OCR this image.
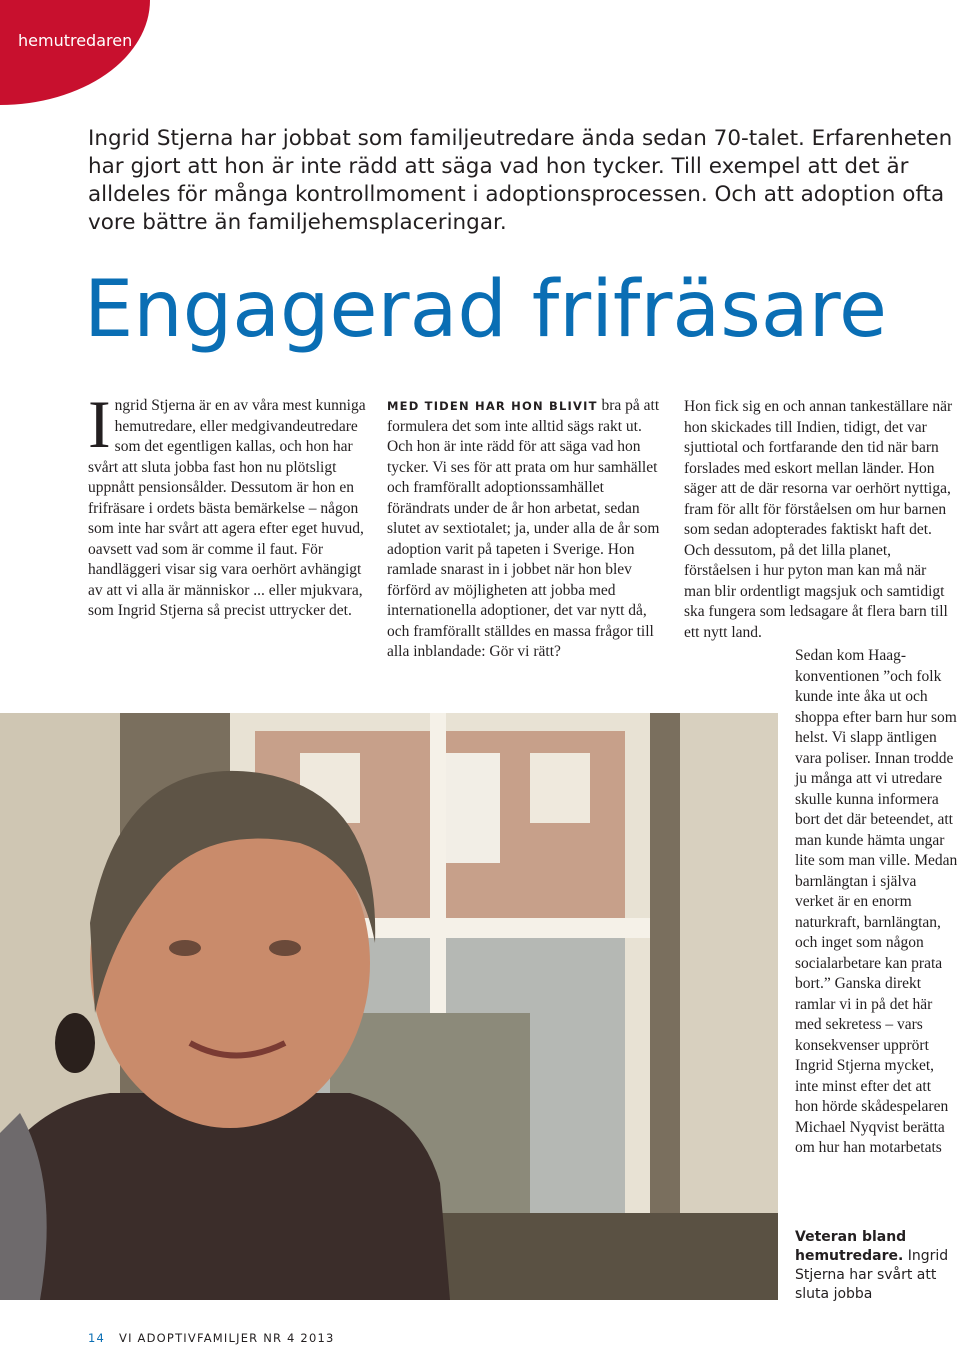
hemutredaren

Ingrid Stjerna har jobbat som familjeutredare ända sedan 70-talet. Erfarenheten har gjort att hon är inte rädd att säga vad hon tycker. Till exempel att det är alldeles för många kontrollmoment i adoptionsprocessen. Och att adoption ofta vore bättre än familjehemsplaceringar.

Engagerad frifräsare

Ingrid Stjerna är en av våra mest kunniga hemutredare, eller medgivandeutredare som det egentligen kallas, och hon har svårt att sluta jobba fast hon nu plötsligt uppnått pensionsålder. Dessutom är hon en frifräsare i ordets bästa bemärkelse – någon som inte har svårt att agera efter eget huvud, oavsett vad som är comme il faut. För handläggeri visar sig vara oerhört avhängigt av att vi alla är människor ... eller mjukvara, som Ingrid Stjerna så precist uttrycker det.

MED TIDEN HAR HON BLIVIT bra på att formulera det som inte alltid sägs rakt ut. Och hon är inte rädd för att säga vad hon tycker. Vi ses för att prata om hur samhället och framförallt adoptionssamhället förändrats under de år hon arbetat, sedan slutet av sextiotalet; ja, under alla de år som adoption varit på tapeten i Sverige. Hon ramlade snarast in i jobbet när hon blev förförd av möjligheten att jobba med internationella adoptioner, det var nytt då, och framförallt ställdes en massa frågor till alla inblandade: Gör vi rätt?

Hon fick sig en och annan tankeställare när hon skickades till Indien, tidigt, det var sjuttiotal och fortfarande den tid när barn forslades med eskort mellan länder. Hon säger att de där resorna var oerhört nyttiga, fram för allt för förståelsen om hur barnen som sedan adopterades faktiskt haft det. Och dessutom, på det lilla planet, förståelsen i hur pyton man kan må när man blir ordentligt magsjuk och samtidigt ska fungera som ledsagare åt flera barn till ett nytt land.

Sedan kom Haag-konventionen ”och folk kunde inte åka ut och shoppa efter barn hur som helst. Vi slapp äntligen vara poliser. Innan trodde ju många att vi utredare skulle kunna informera bort det där beteendet, att man kunde hämta ungar lite som man ville. Medan barnlängtan i själva verket är en enorm naturkraft, barnlängtan, och inget som någon socialarbetare kan prata bort.” Ganska direkt ramlar vi in på det här med sekretess – vars konsekvenser upprört Ingrid Stjerna mycket, inte minst efter det att hon hörde skådespelaren Michael Nyqvist berätta om hur han motarbetats

Veteran bland hemutredare. Ingrid Stjerna har svårt att sluta jobba

14 VI ADOPTIVFAMILJER NR 4 2013
